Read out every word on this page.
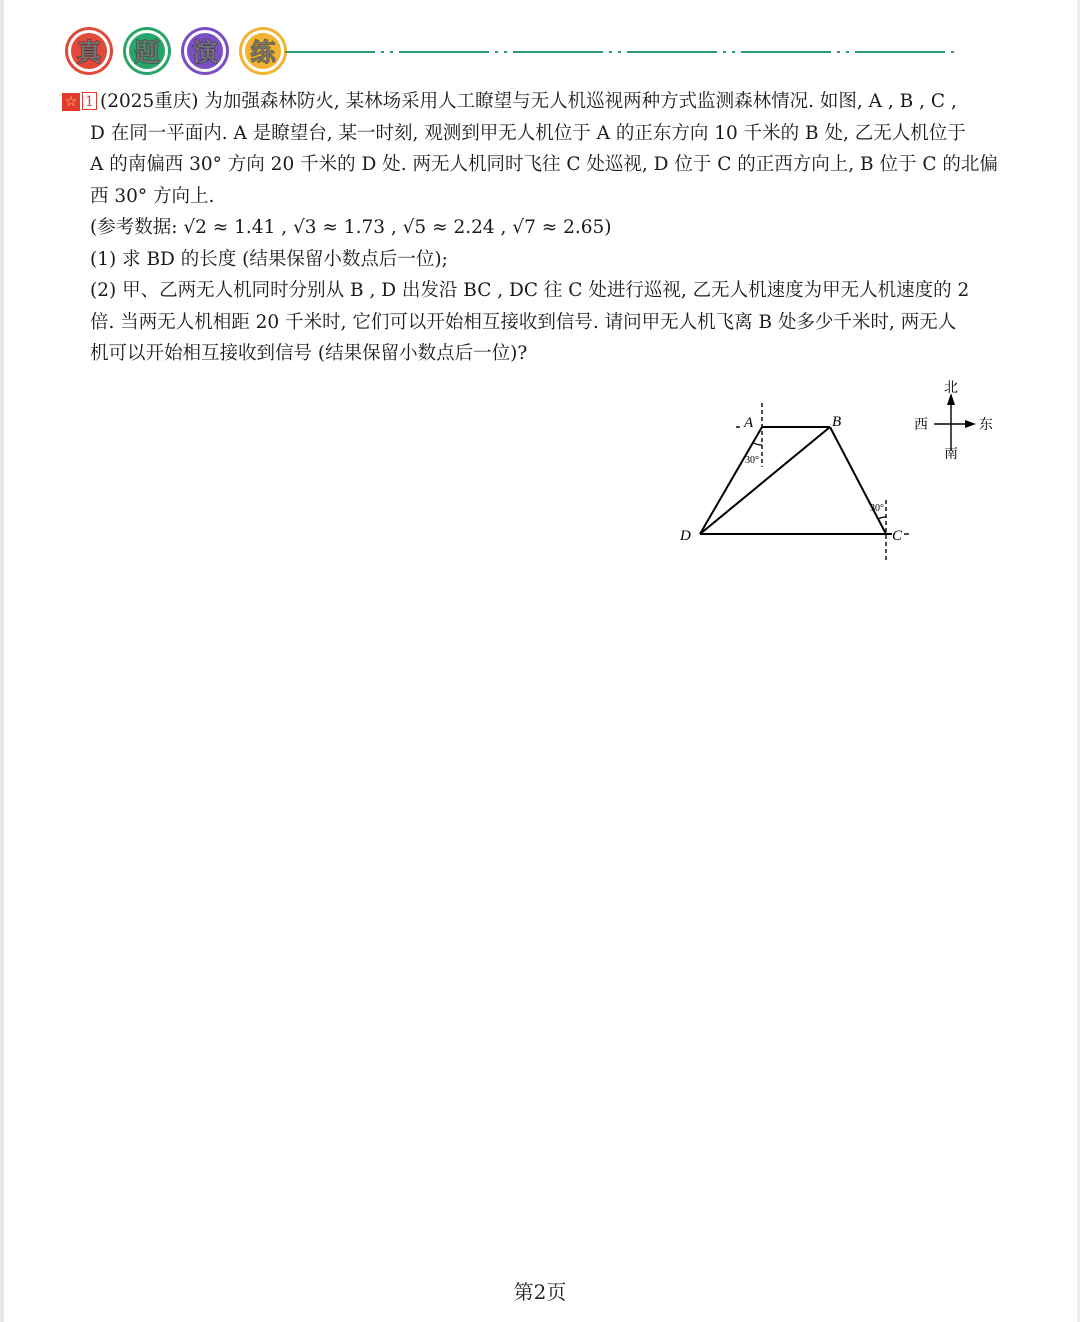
真 题 演 练
☆ 1 (2025重庆) 为加强森林防火, 某林场采用人工瞭望与无人机巡视两种方式监测森林情况. 如图, A , B , C ,
D 在同一平面内. A 是瞭望台, 某一时刻, 观测到甲无人机位于 A 的正东方向 10 千米的 B 处, 乙无人机位于
A 的南偏西 30° 方向 20 千米的 D 处. 两无人机同时飞往 C 处巡视, D 位于 C 的正西方向上, B 位于 C 的北偏
西 30° 方向上.
(参考数据: √2 ≈ 1.41 , √3 ≈ 1.73 , √5 ≈ 2.24 , √7 ≈ 2.65)
(1) 求 BD 的长度 (结果保留小数点后一位);
(2) 甲、乙两无人机同时分别从 B , D 出发沿 BC , DC 往 C 处进行巡视, 乙无人机速度为甲无人机速度的 2
倍. 当两无人机相距 20 千米时, 它们可以开始相互接收到信号. 请问甲无人机飞离 B 处多少千米时, 两无人
机可以开始相互接收到信号 (结果保留小数点后一位)?
A	B
C
D
30°
30°
北
南
西	东
第2页
